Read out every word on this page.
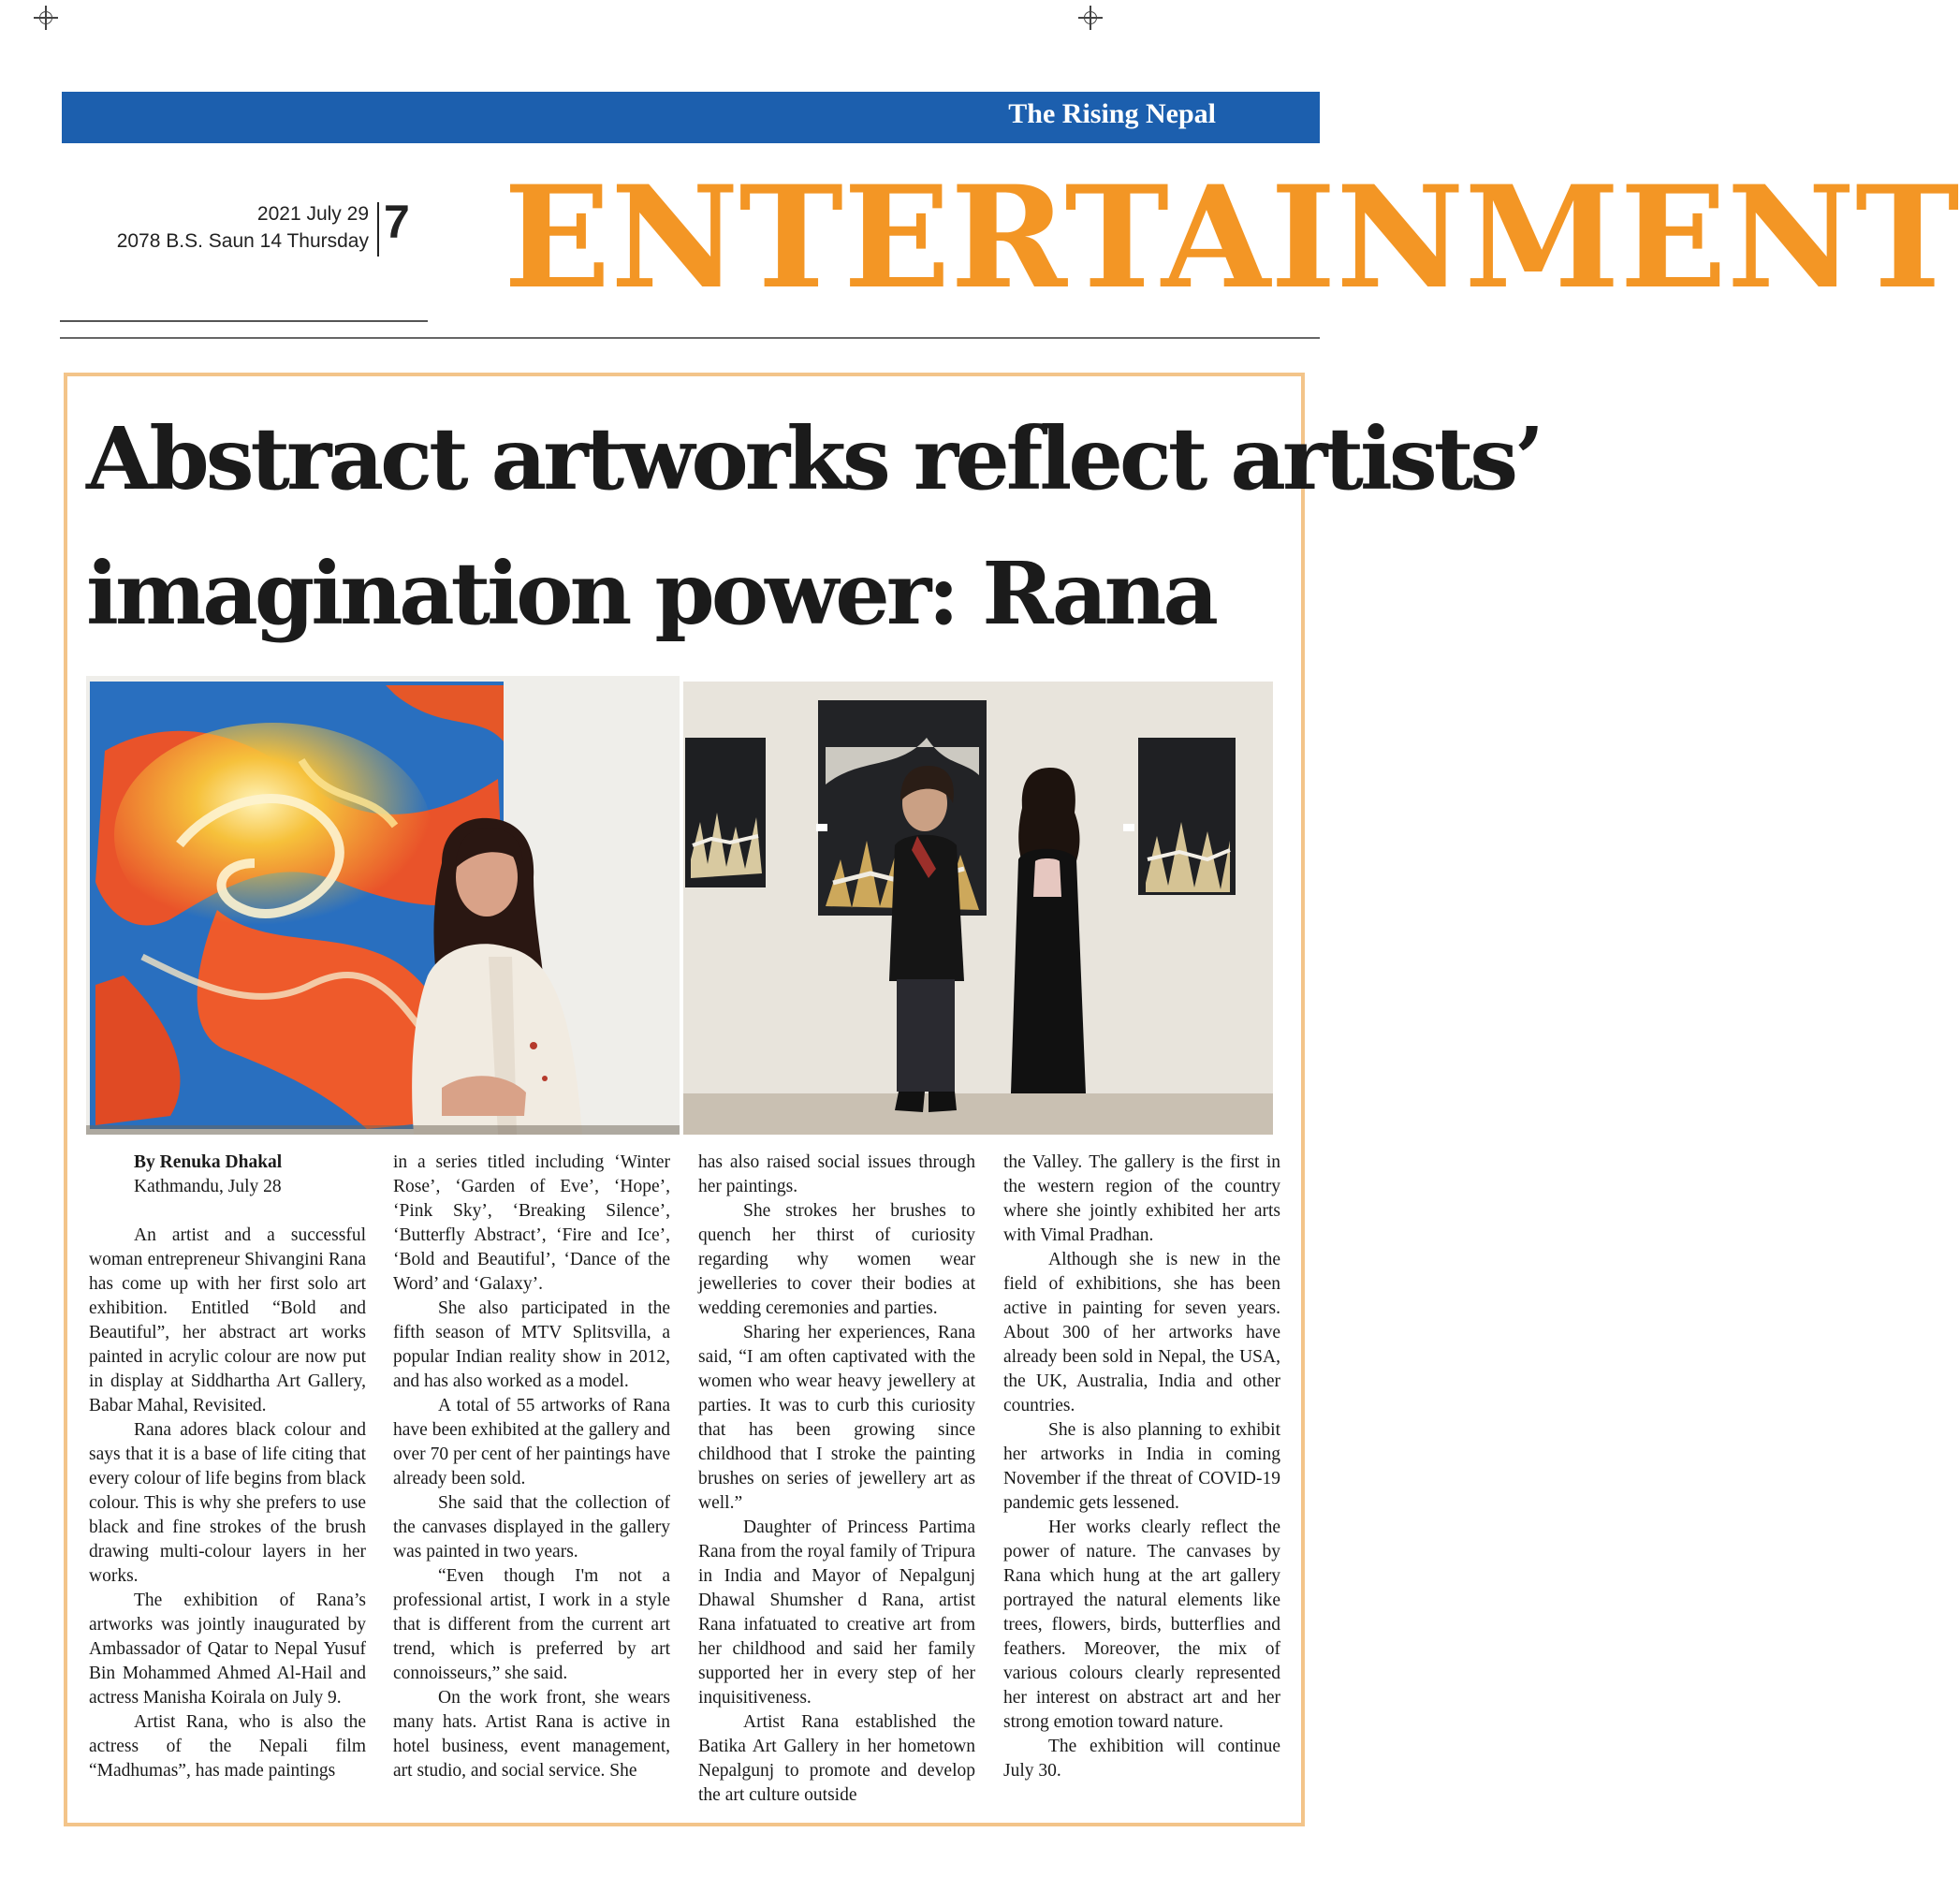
The Rising Nepal
2021 July 29
2078 B.S. Saun 14 Thursday 7 ENTERTAINMENT
Abstract artworks reflect artists’
imagination power: Rana
By Renuka Dhakal
Kathmandu, July 28

An artist and a successful woman entrepreneur Shivangini Rana has come up with her first solo art exhibition. Entitled “Bold and Beautiful”, her abstract art works painted in acrylic colour are now put in display at Siddhartha Art Gallery, Babar Mahal, Revisited.

Rana adores black colour and says that it is a base of life citing that every colour of life begins from black colour. This is why she prefers to use black and fine strokes of the brush drawing multi-colour layers in her works.

The exhibition of Rana’s artworks was jointly inaugurated by Ambassador of Qatar to Nepal Yusuf Bin Mohammed Ahmed Al-Hail and actress Manisha Koirala on July 9.

Artist Rana, who is also the actress of the Nepali film “Madhumas”, has made paintings

in a series titled including ‘Winter Rose’, ‘Garden of Eve’, ‘Hope’, ‘Pink Sky’, ‘Breaking Silence’, ‘Butterfly Abstract’, ‘Fire and Ice’, ‘Bold and Beautiful’, ‘Dance of the Word’ and ‘Galaxy’.

She also participated in the fifth season of MTV Splitsvilla, a popular Indian reality show in 2012, and has also worked as a model.

A total of 55 artworks of Rana have been exhibited at the gallery and over 70 per cent of her paintings have already been sold.

She said that the collection of the canvases displayed in the gallery was painted in two years.

“Even though I'm not a professional artist, I work in a style that is different from the current art trend, which is preferred by art connoisseurs,” she said.

On the work front, she wears many hats. Artist Rana is active in hotel business, event management, art studio, and social service. She

has also raised social issues through her paintings.

She strokes her brushes to quench her thirst of curiosity regarding why women wear jewelleries to cover their bodies at wedding ceremonies and parties.

Sharing her experiences, Rana said, “I am often captivated with the women who wear heavy jewellery at parties. It was to curb this curiosity that has been growing since childhood that I stroke the painting brushes on series of jewellery art as well.”

Daughter of Princess Partima Rana from the royal family of Tripura in India and Mayor of Nepalgunj Dhawal Shumsher d Rana, artist Rana infatuated to creative art from her childhood and said her family supported her in every step of her inquisitiveness.

Artist Rana established the Batika Art Gallery in her hometown Nepalgunj to promote and develop the art culture outside

the Valley. The gallery is the first in the western region of the country where she jointly exhibited her arts with Vimal Pradhan.

Although she is new in the field of exhibitions, she has been active in painting for seven years. About 300 of her artworks have already been sold in Nepal, the USA, the UK, Australia, India and other countries.

She is also planning to exhibit her artworks in India in coming November if the threat of COVID-19 pandemic gets lessened.

Her works clearly reflect the power of nature. The canvases by Rana which hung at the art gallery portrayed the natural elements like trees, flowers, birds, butterflies and feathers. Moreover, the mix of various colours clearly represented her interest on abstract art and her strong emotion toward nature.

The exhibition will continue July 30.
